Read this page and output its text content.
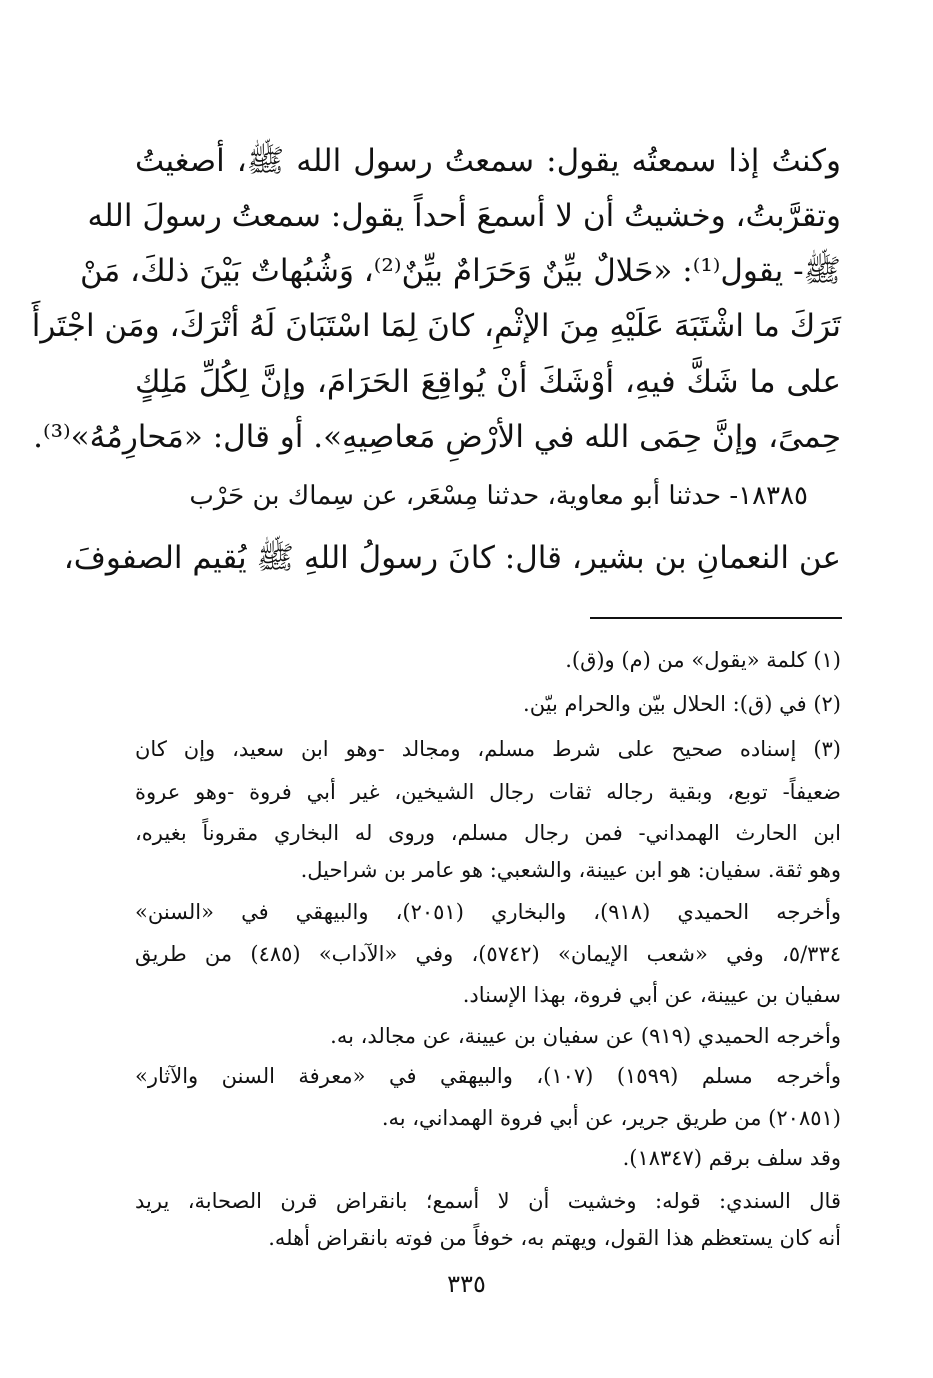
وكنتُ إذا سمعتُه يقول: سمعتُ رسول الله ﷺ، أصغيتُ
وتقرَّبتُ، وخشيتُ أن لا أسمعَ أحداً يقول: سمعتُ رسولَ الله
ﷺ- يقول⁽¹⁾: «حَلالٌ بيِّنٌ وَحَرَامٌ بيِّنٌ⁽²⁾، وَشُبُهاتٌ بَيْنَ ذلكَ، مَنْ
تَرَكَ ما اشْتَبَهَ عَلَيْهِ مِنَ الإثْمِ، كانَ لِمَا اسْتَبَانَ لَهُ أتْرَكَ، ومَن اجْتَرأَ
على ما شَكَّ فيهِ، أوْشَكَ أنْ يُواقِعَ الحَرَامَ، وإنَّ لِكُلِّ مَلِكٍ
حِمىً، وإنَّ حِمَى الله في الأرْضِ مَعاصِيهِ». أو قال: «مَحارِمُهُ»⁽³⁾.
١٨٣٨٥- حدثنا أبو معاوية، حدثنا مِسْعَر، عن سِماك بن حَرْب
عن النعمانِ بن بشير، قال: كانَ رسولُ اللهِ ﷺ يُقيم الصفوفَ،
(١) كلمة «يقول» من (م) و(ق).
(٢) في (ق): الحلال بيّن والحرام بيّن.
(٣) إسناده صحيح على شرط مسلم، ومجالد -وهو ابن سعيد، وإن كان
ضعيفاً- توبع، وبقية رجاله ثقات رجال الشيخين، غير أبي فروة -وهو عروة
ابن الحارث الهمداني- فمن رجال مسلم، وروى له البخاري مقروناً بغيره،
وهو ثقة. سفيان: هو ابن عيينة، والشعبي: هو عامر بن شراحيل.
وأخرجه الحميدي (٩١٨)، والبخاري (٢٠٥١)، والبيهقي في «السنن»
٥/٣٣٤، وفي «شعب الإيمان» (٥٧٤٢)، وفي «الآداب» (٤٨٥) من طريق
سفيان بن عيينة، عن أبي فروة، بهذا الإسناد.
وأخرجه الحميدي (٩١٩) عن سفيان بن عيينة، عن مجالد، به.
وأخرجه مسلم (١٥٩٩) (١٠٧)، والبيهقي في «معرفة السنن والآثار»
(٢٠٨٥١) من طريق جرير، عن أبي فروة الهمداني، به.
وقد سلف برقم (١٨٣٤٧).
قال السندي: قوله: وخشيت أن لا أسمع؛ بانقراض قرن الصحابة، يريد
أنه كان يستعظم هذا القول، ويهتم به، خوفاً من فوته بانقراض أهله.
٣٣٥
